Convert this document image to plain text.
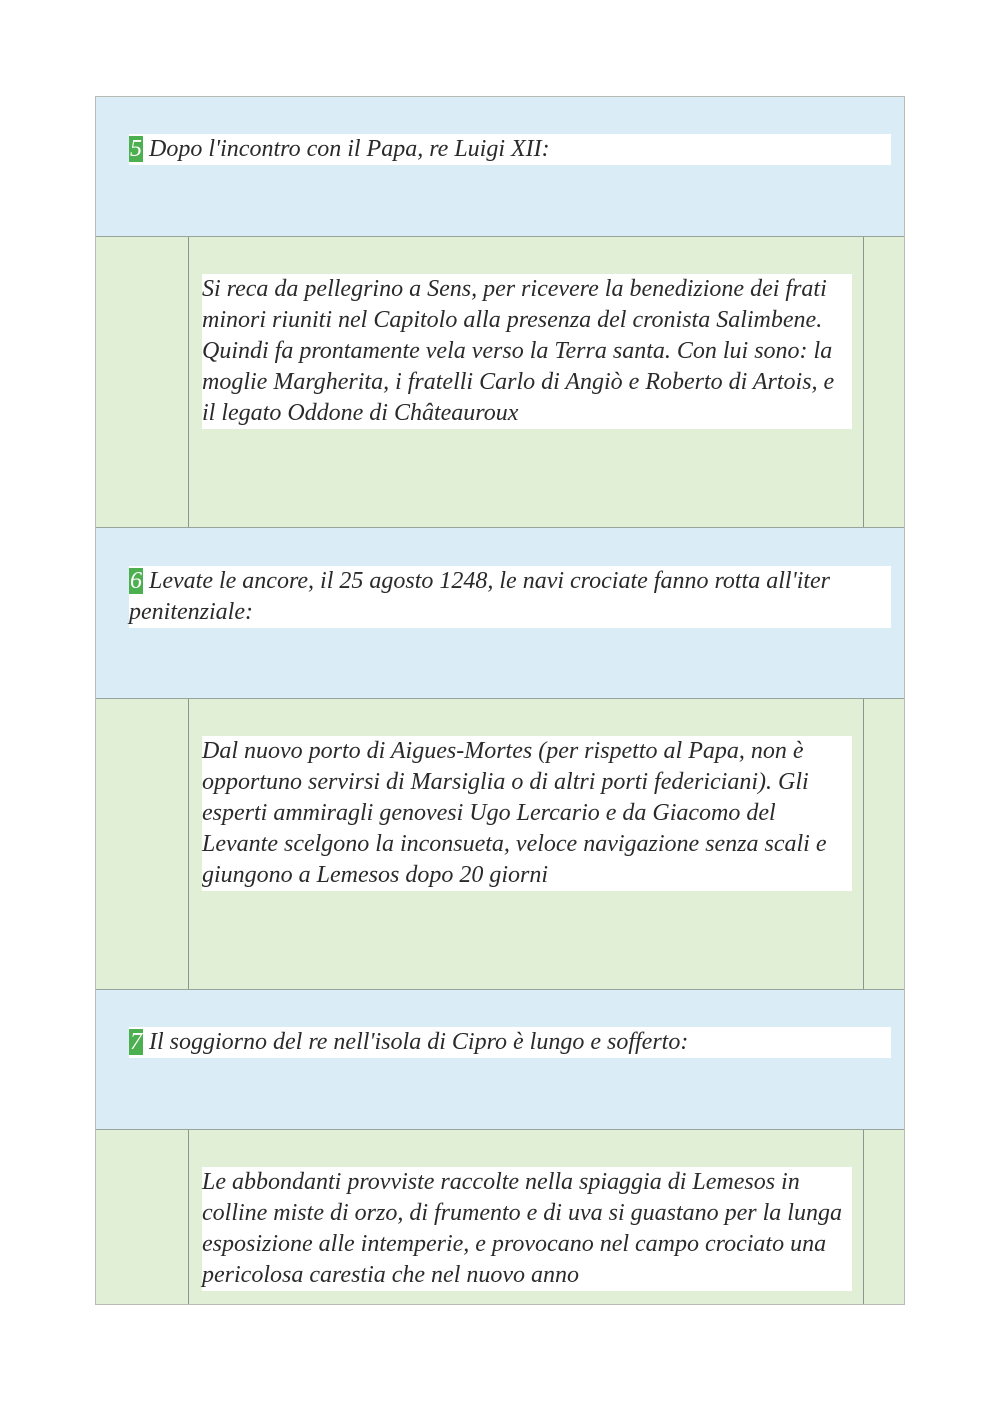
5 Dopo l'incontro con il Papa, re Luigi XII:
Si reca da pellegrino a Sens, per ricevere la benedizione dei frati minori riuniti nel Capitolo alla presenza del cronista Salimbene. Quindi fa prontamente vela verso la Terra santa. Con lui sono: la moglie Margherita, i fratelli Carlo di Angiò e Roberto di Artois, e il legato Oddone di Châteauroux
6 Levate le ancore, il 25 agosto 1248, le navi crociate fanno rotta all'iter penitenziale:
Dal nuovo porto di Aigues-Mortes (per rispetto al Papa, non è opportuno servirsi di Marsiglia o di altri porti federiciani). Gli esperti ammiragli genovesi Ugo Lercario e da Giacomo del Levante scelgono la inconsueta, veloce navigazione senza scali e giungono a Lemesos dopo 20 giorni
7 Il soggiorno del re nell'isola di Cipro è lungo e sofferto:
Le abbondanti provviste raccolte nella spiaggia di Lemesos in colline miste di orzo, di frumento e di uva si guastano per la lunga esposizione alle intemperie, e provocano nel campo crociato una pericolosa carestia che nel nuovo anno
